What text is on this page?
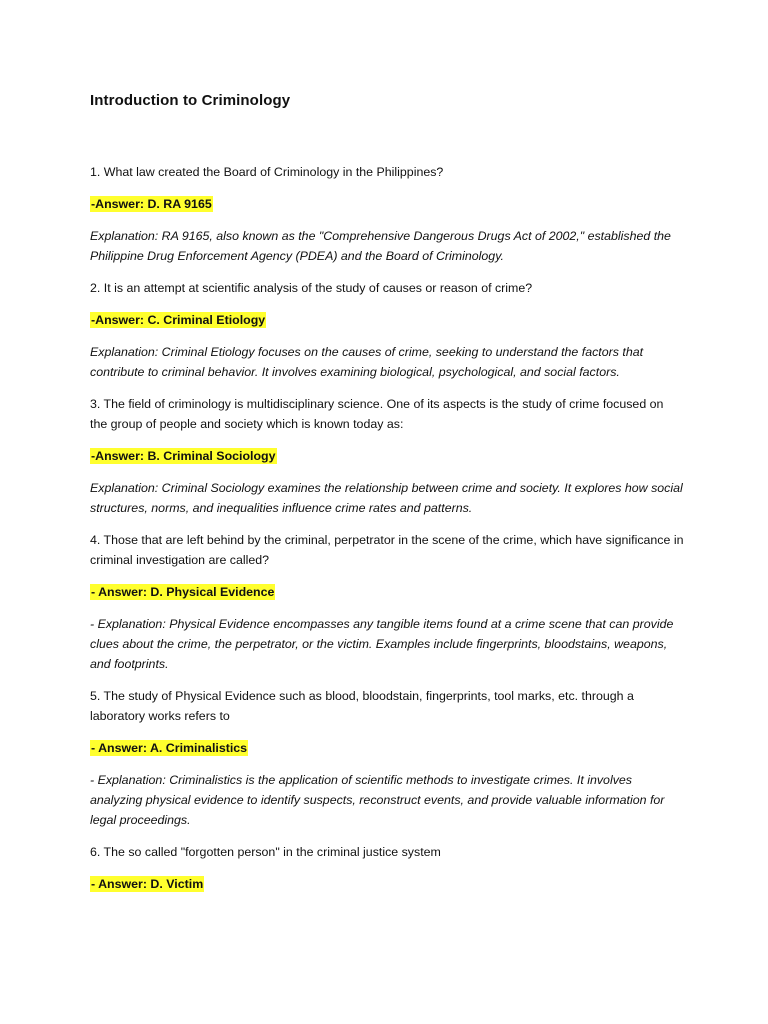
Introduction to Criminology

1. What law created the Board of Criminology in the Philippines?

-Answer: D. RA 9165

Explanation: RA 9165, also known as the "Comprehensive Dangerous Drugs Act of 2002," established the Philippine Drug Enforcement Agency (PDEA) and the Board of Criminology.

2. It is an attempt at scientific analysis of the study of causes or reason of crime?

-Answer: C. Criminal Etiology

Explanation: Criminal Etiology focuses on the causes of crime, seeking to understand the factors that contribute to criminal behavior. It involves examining biological, psychological, and social factors.

3. The field of criminology is multidisciplinary science. One of its aspects is the study of crime focused on the group of people and society which is known today as:

-Answer: B. Criminal Sociology

Explanation: Criminal Sociology examines the relationship between crime and society. It explores how social structures, norms, and inequalities influence crime rates and patterns.

4. Those that are left behind by the criminal, perpetrator in the scene of the crime, which have significance in criminal investigation are called?

- Answer: D. Physical Evidence

- Explanation: Physical Evidence encompasses any tangible items found at a crime scene that can provide clues about the crime, the perpetrator, or the victim. Examples include fingerprints, bloodstains, weapons, and footprints.

5. The study of Physical Evidence such as blood, bloodstain, fingerprints, tool marks, etc. through a laboratory works refers to

- Answer: A. Criminalistics

- Explanation: Criminalistics is the application of scientific methods to investigate crimes. It involves analyzing physical evidence to identify suspects, reconstruct events, and provide valuable information for legal proceedings.

6. The so called "forgotten person" in the criminal justice system

- Answer: D. Victim
